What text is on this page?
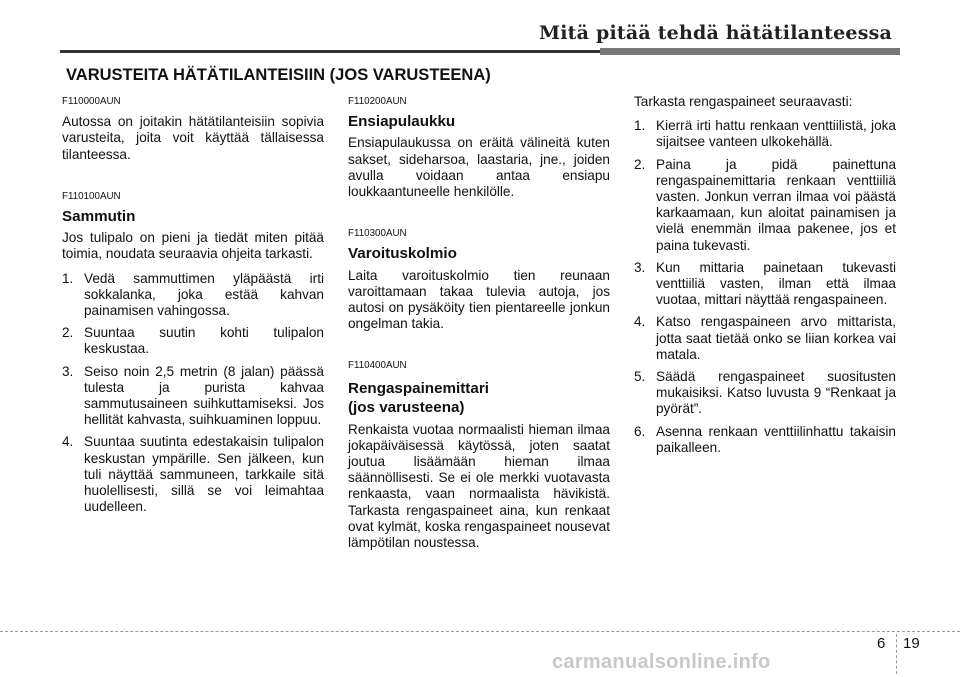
Mitä pitää tehdä hätätilanteessa
VARUSTEITA HÄTÄTILANTEISIIN (JOS VARUSTEENA)
F110000AUN
Autossa on joitakin hätätilanteisiin sopivia varusteita, joita voit käyttää tällaisessa tilanteessa.
F110100AUN
Sammutin
Jos tulipalo on pieni ja tiedät miten pitää toimia, noudata seuraavia ohjeita tarkasti.
1. Vedä sammuttimen yläpäästä irti sokkalanka, joka estää kahvan painamisen vahingossa.
2. Suuntaa suutin kohti tulipalon keskustaa.
3. Seiso noin 2,5 metrin (8 jalan) päässä tulesta ja purista kahvaa sammutusaineen suihkuttamiseksi. Jos hellität kahvasta, suihkuaminen loppuu.
4. Suuntaa suutinta edestakaisin tulipalon keskustan ympärille. Sen jälkeen, kun tuli näyttää sammuneen, tarkkaile sitä huolellisesti, sillä se voi leimahtaa uudelleen.
F110200AUN
Ensiapulaukku
Ensiapulaukussa on eräitä välineitä kuten sakset, sideharsoa, laastaria, jne., joiden avulla voidaan antaa ensiapu loukkaantuneelle henkilölle.
F110300AUN
Varoituskolmio
Laita varoituskolmio tien reunaan varoittamaan takaa tulevia autoja, jos autosi on pysäköity tien pientareelle jonkun ongelman takia.
F110400AUN
Rengaspainemittari
(jos varusteena)
Renkaista vuotaa normaalisti hieman ilmaa jokapäiväisessä käytössä, joten saatat joutua lisäämään hieman ilmaa säännöllisesti. Se ei ole merkki vuotavasta renkaasta, vaan normaalista hävikistä. Tarkasta rengaspaineet aina, kun renkaat ovat kylmät, koska rengaspaineet nousevat lämpötilan noustessa.
Tarkasta rengaspaineet seuraavasti:
1. Kierrä irti hattu renkaan venttiilistä, joka sijaitsee vanteen ulkokehällä.
2. Paina ja pidä painettuna rengaspainemittaria renkaan venttiiliä vasten. Jonkun verran ilmaa voi päästä karkaamaan, kun aloitat painamisen ja vielä enemmän ilmaa pakenee, jos et paina tukevasti.
3. Kun mittaria painetaan tukevasti venttiiliä vasten, ilman että ilmaa vuotaa, mittari näyttää rengaspaineen.
4. Katso rengaspaineen arvo mittarista, jotta saat tietää onko se liian korkea vai matala.
5. Säädä rengaspaineet suositusten mukaisiksi. Katso luvusta 9 “Renkaat ja pyörät”.
6. Asenna renkaan venttiilinhattu takaisin paikalleen.
6 19
carmanualsonline.info
